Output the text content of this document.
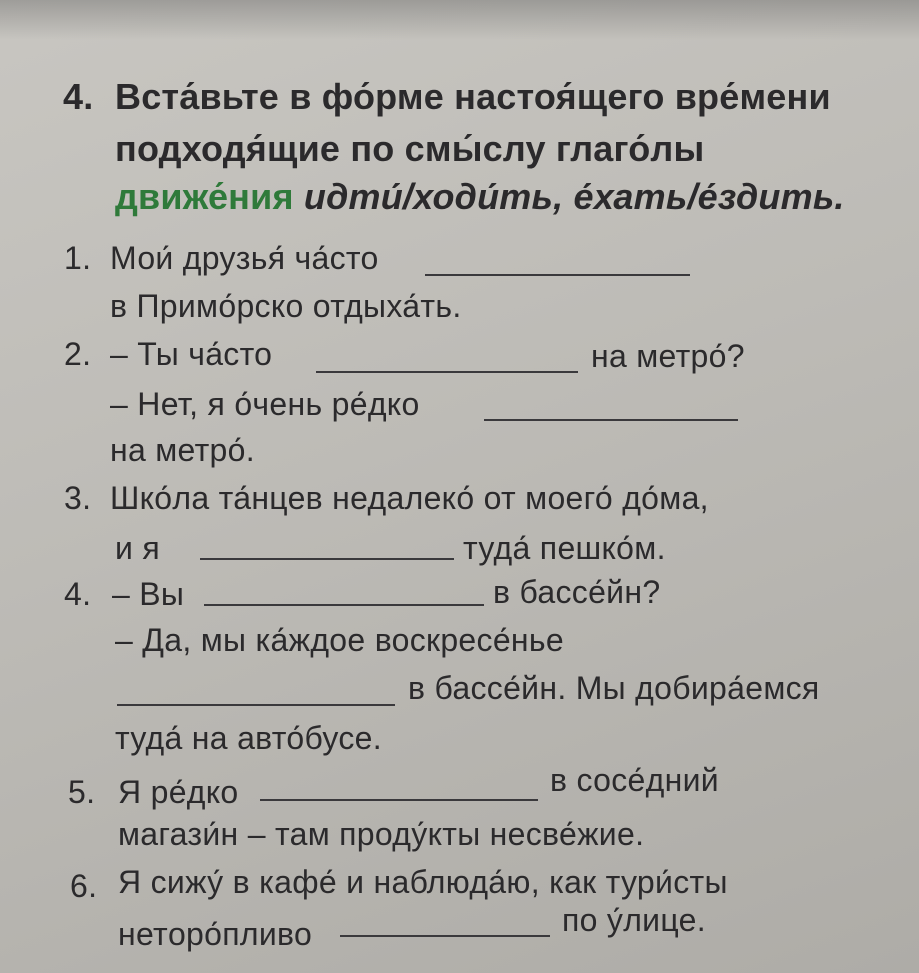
4. Вста́вьте в фо́рме настоя́щего вре́мени
подходя́щие по смы́слу глаго́лы
движе́ния идти́/ходи́ть, е́хать/е́здить.
1. Мои́ друзья́ ча́сто
в Примо́рско отдыха́ть.
2. – Ты ча́сто	на метро́?
– Нет, я о́чень ре́дко
на метро́.
3. Шко́ла та́нцев недалеко́ от моего́ до́ма,
и я	туда́ пешко́м.
4. – Вы	в бассе́йн?
– Да, мы ка́ждое воскресе́нье
в бассе́йн. Мы добира́емся
туда́ на авто́бусе.
5. Я ре́дко	в сосе́дний
магази́н – там проду́кты несве́жие.
6. Я сижу́ в кафе́ и наблюда́ю, как тури́сты
нетoро́пливо	по у́лице.
